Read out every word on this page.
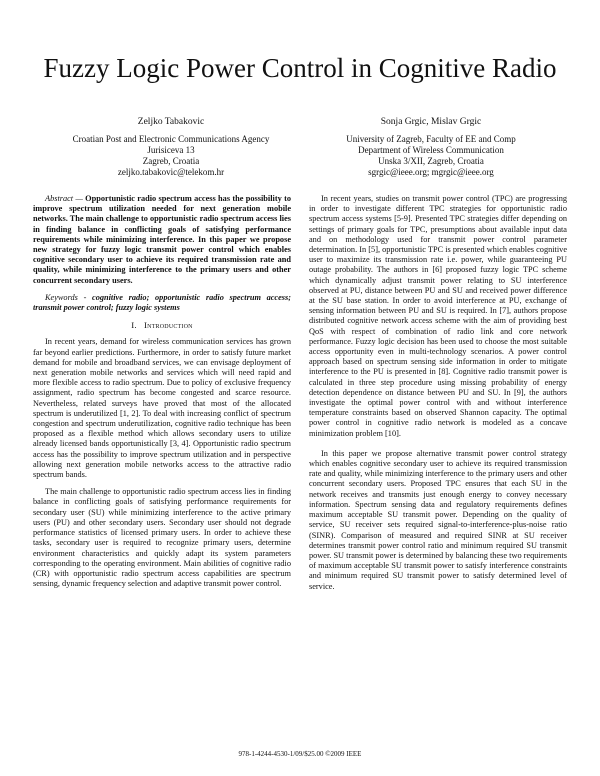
Fuzzy Logic Power Control in Cognitive Radio
Zeljko Tabakovic
Croatian Post and Electronic Communications Agency
Jurisiceva 13
Zagreb, Croatia
zeljko.tabakovic@telekom.hr
Sonja Grgic, Mislav Grgic
University of Zagreb, Faculty of EE and Comp
Department of Wireless Communication
Unska 3/XII, Zagreb, Croatia
sgrgic@ieee.org; mgrgic@ieee.org

Abstract — Opportunistic radio spectrum access has the possibility to improve spectrum utilization needed for next generation mobile networks. The main challenge to opportunistic radio spectrum access lies in finding balance in conflicting goals of satisfying performance requirements while minimizing interference. In this paper we propose new strategy for fuzzy logic transmit power control which enables cognitive secondary user to achieve its required transmission rate and quality, while minimizing interference to the primary users and other concurrent secondary users.

Keywords - cognitive radio; opportunistic radio spectrum access; transmit power control; fuzzy logic systems

I. Introduction

In recent years, demand for wireless communication services has grown far beyond earlier predictions. Furthermore, in order to satisfy future market demand for mobile and broadband services, we can envisage deployment of next generation mobile networks and services which will need rapid and more flexible access to radio spectrum. Due to policy of exclusive frequency assignment, radio spectrum has become congested and scarce resource. Nevertheless, related surveys have proved that most of the allocated spectrum is underutilized [1, 2]. To deal with increasing conflict of spectrum congestion and spectrum underutilization, cognitive radio technique has been proposed as a flexible method which allows secondary users to utilize already licensed bands opportunistically [3, 4]. Opportunistic radio spectrum access has the possibility to improve spectrum utilization and in perspective allowing next generation mobile networks access to the attractive radio spectrum bands.

The main challenge to opportunistic radio spectrum access lies in finding balance in conflicting goals of satisfying performance requirements for secondary user (SU) while minimizing interference to the active primary users (PU) and other secondary users. Secondary user should not degrade performance statistics of licensed primary users. In order to achieve these tasks, secondary user is required to recognize primary users, determine environment characteristics and quickly adapt its system parameters corresponding to the operating environment. Main abilities of cognitive radio (CR) with opportunistic radio spectrum access capabilities are spectrum sensing, dynamic frequency selection and adaptive transmit power control.

In recent years, studies on transmit power control (TPC) are progressing in order to investigate different TPC strategies for opportunistic radio spectrum access systems [5-9]. Presented TPC strategies differ depending on settings of primary goals for TPC, presumptions about available input data and on methodology used for transmit power control parameter determination. In [5], opportunistic TPC is presented which enables cognitive user to maximize its transmission rate i.e. power, while guaranteeing PU outage probability. The authors in [6] proposed fuzzy logic TPC scheme which dynamically adjust transmit power relating to SU interference observed at PU, distance between PU and SU and received power difference at the SU base station. In order to avoid interference at PU, exchange of sensing information between PU and SU is required. In [7], authors propose distributed cognitive network access scheme with the aim of providing best QoS with respect of combination of radio link and core network performance. Fuzzy logic decision has been used to choose the most suitable access opportunity even in multi-technology scenarios. A power control approach based on spectrum sensing side information in order to mitigate interference to the PU is presented in [8]. Cognitive radio transmit power is calculated in three step procedure using missing probability of energy detection dependence on distance between PU and SU. In [9], the authors investigate the optimal power control with and without interference temperature constraints based on observed Shannon capacity. The optimal power control in cognitive radio network is modeled as a concave minimization problem [10].

In this paper we propose alternative transmit power control strategy which enables cognitive secondary user to achieve its required transmission rate and quality, while minimizing interference to the primary users and other concurrent secondary users. Proposed TPC ensures that each SU in the network receives and transmits just enough energy to convey necessary information. Spectrum sensing data and regulatory requirements defines maximum acceptable SU transmit power. Depending on the quality of service, SU receiver sets required signal-to-interference-plus-noise ratio (SINR). Comparison of measured and required SINR at SU receiver determines transmit power control ratio and minimum required SU transmit power. SU transmit power is determined by balancing these two requirements of maximum acceptable SU transmit power to satisfy interference constraints and minimum required SU transmit power to satisfy determined level of service.

978-1-4244-4530-1/09/$25.00 ©2009 IEEE
